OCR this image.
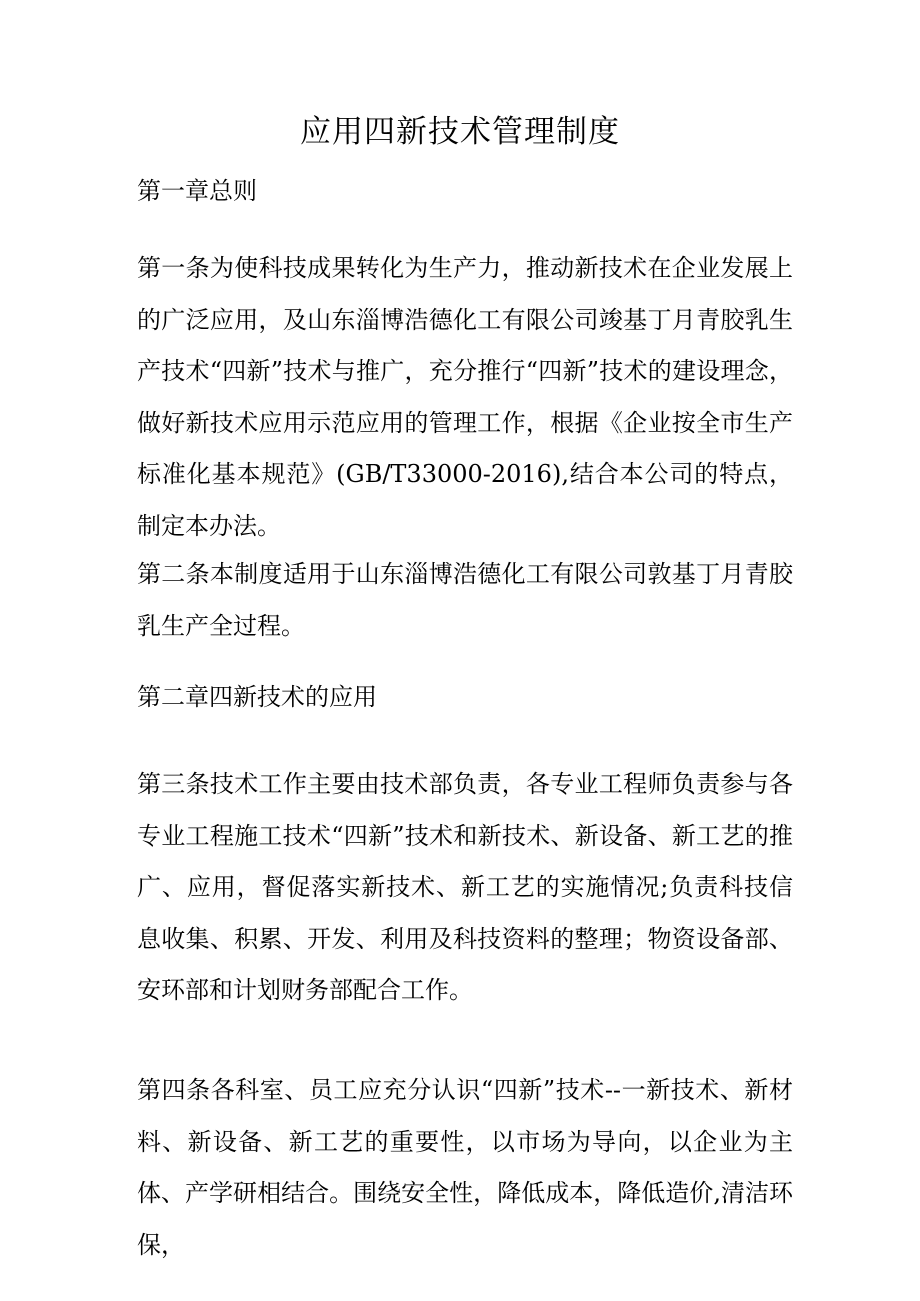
应用四新技术管理制度

第一章总则

第一条为使科技成果转化为生产力，推动新技术在企业发展上的广泛应用，及山东淄博浩德化工有限公司竣基丁月青胶乳生产技术“四新”技术与推广，充分推行“四新”技术的建设理念，做好新技术应用示范应用的管理工作，根据《企业按全市生产标准化基本规范》(GB/T33000-2016),结合本公司的特点，制定本办法。

第二条本制度适用于山东淄博浩德化工有限公司敦基丁月青胶乳生产全过程。

第二章四新技术的应用

第三条技术工作主要由技术部负责，各专业工程师负责参与各专业工程施工技术“四新”技术和新技术、新设备、新工艺的推广、应用，督促落实新技术、新工艺的实施情况;负责科技信息收集、积累、开发、利用及科技资料的整理；物资设备部、安环部和计划财务部配合工作。

第四条各科室、员工应充分认识“四新”技术--一新技术、新材料、新设备、新工艺的重要性，以市场为导向，以企业为主体、产学研相结合。围绕安全性，降低成本，降低造价,清洁环保，
